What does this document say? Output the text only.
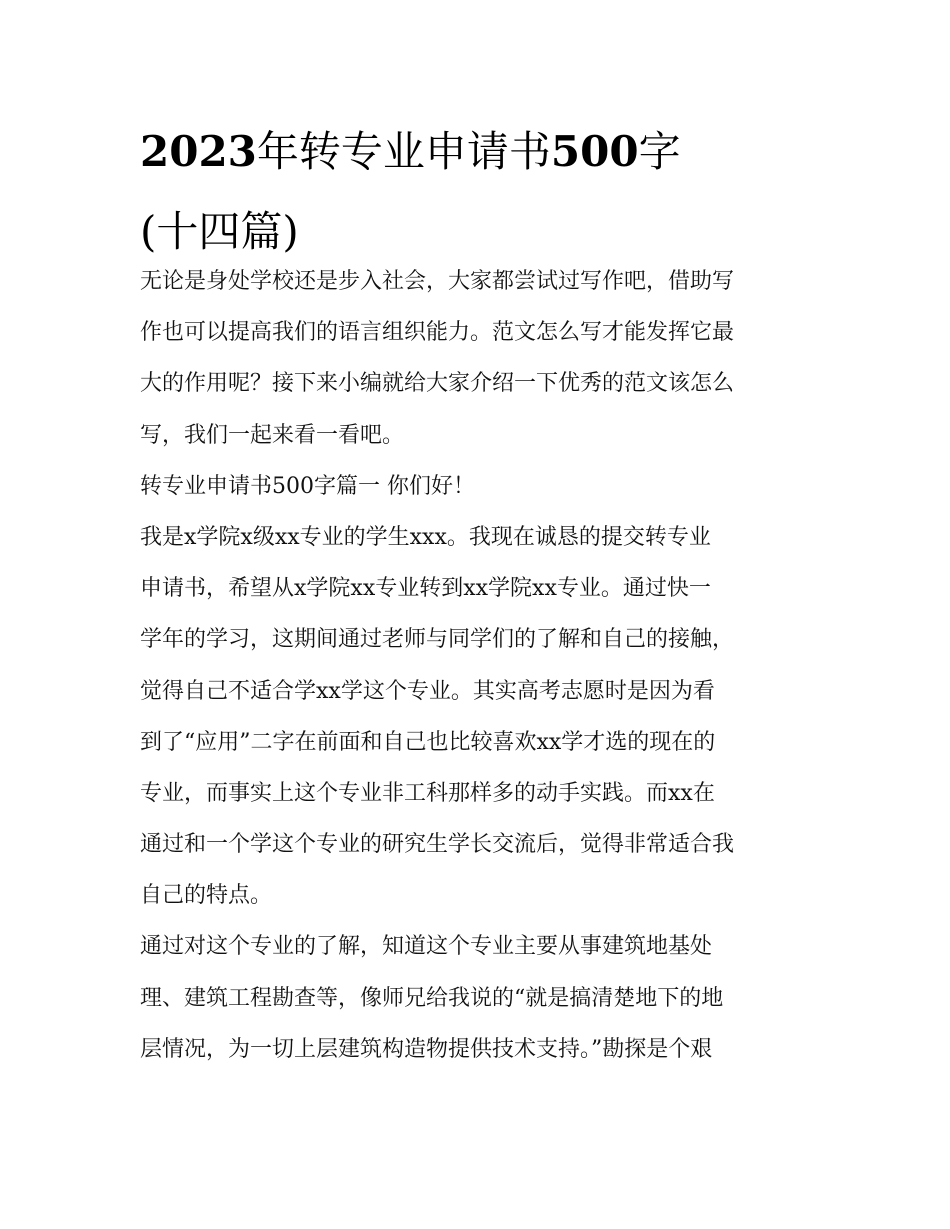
2023年转专业申请书500字
(十四篇)
无论是身处学校还是步入社会，大家都尝试过写作吧，借助写
作也可以提高我们的语言组织能力。范文怎么写才能发挥它最
大的作用呢？接下来小编就给大家介绍一下优秀的范文该怎么
写，我们一起来看一看吧。
转专业申请书500字篇一 你们好！
我是x学院x级xx专业的学生xxx。我现在诚恳的提交转专业
申请书，希望从x学院xx专业转到xx学院xx专业。通过快一
学年的学习，这期间通过老师与同学们的了解和自己的接触，
觉得自己不适合学xx学这个专业。其实高考志愿时是因为看
到了“应用”二字在前面和自己也比较喜欢xx学才选的现在的
专业，而事实上这个专业非工科那样多的动手实践。而xx在
通过和一个学这个专业的研究生学长交流后，觉得非常适合我
自己的特点。
通过对这个专业的了解，知道这个专业主要从事建筑地基处
理、建筑工程勘查等，像师兄给我说的“就是搞清楚地下的地
层情况，为一切上层建筑构造物提供技术支持。”勘探是个艰
